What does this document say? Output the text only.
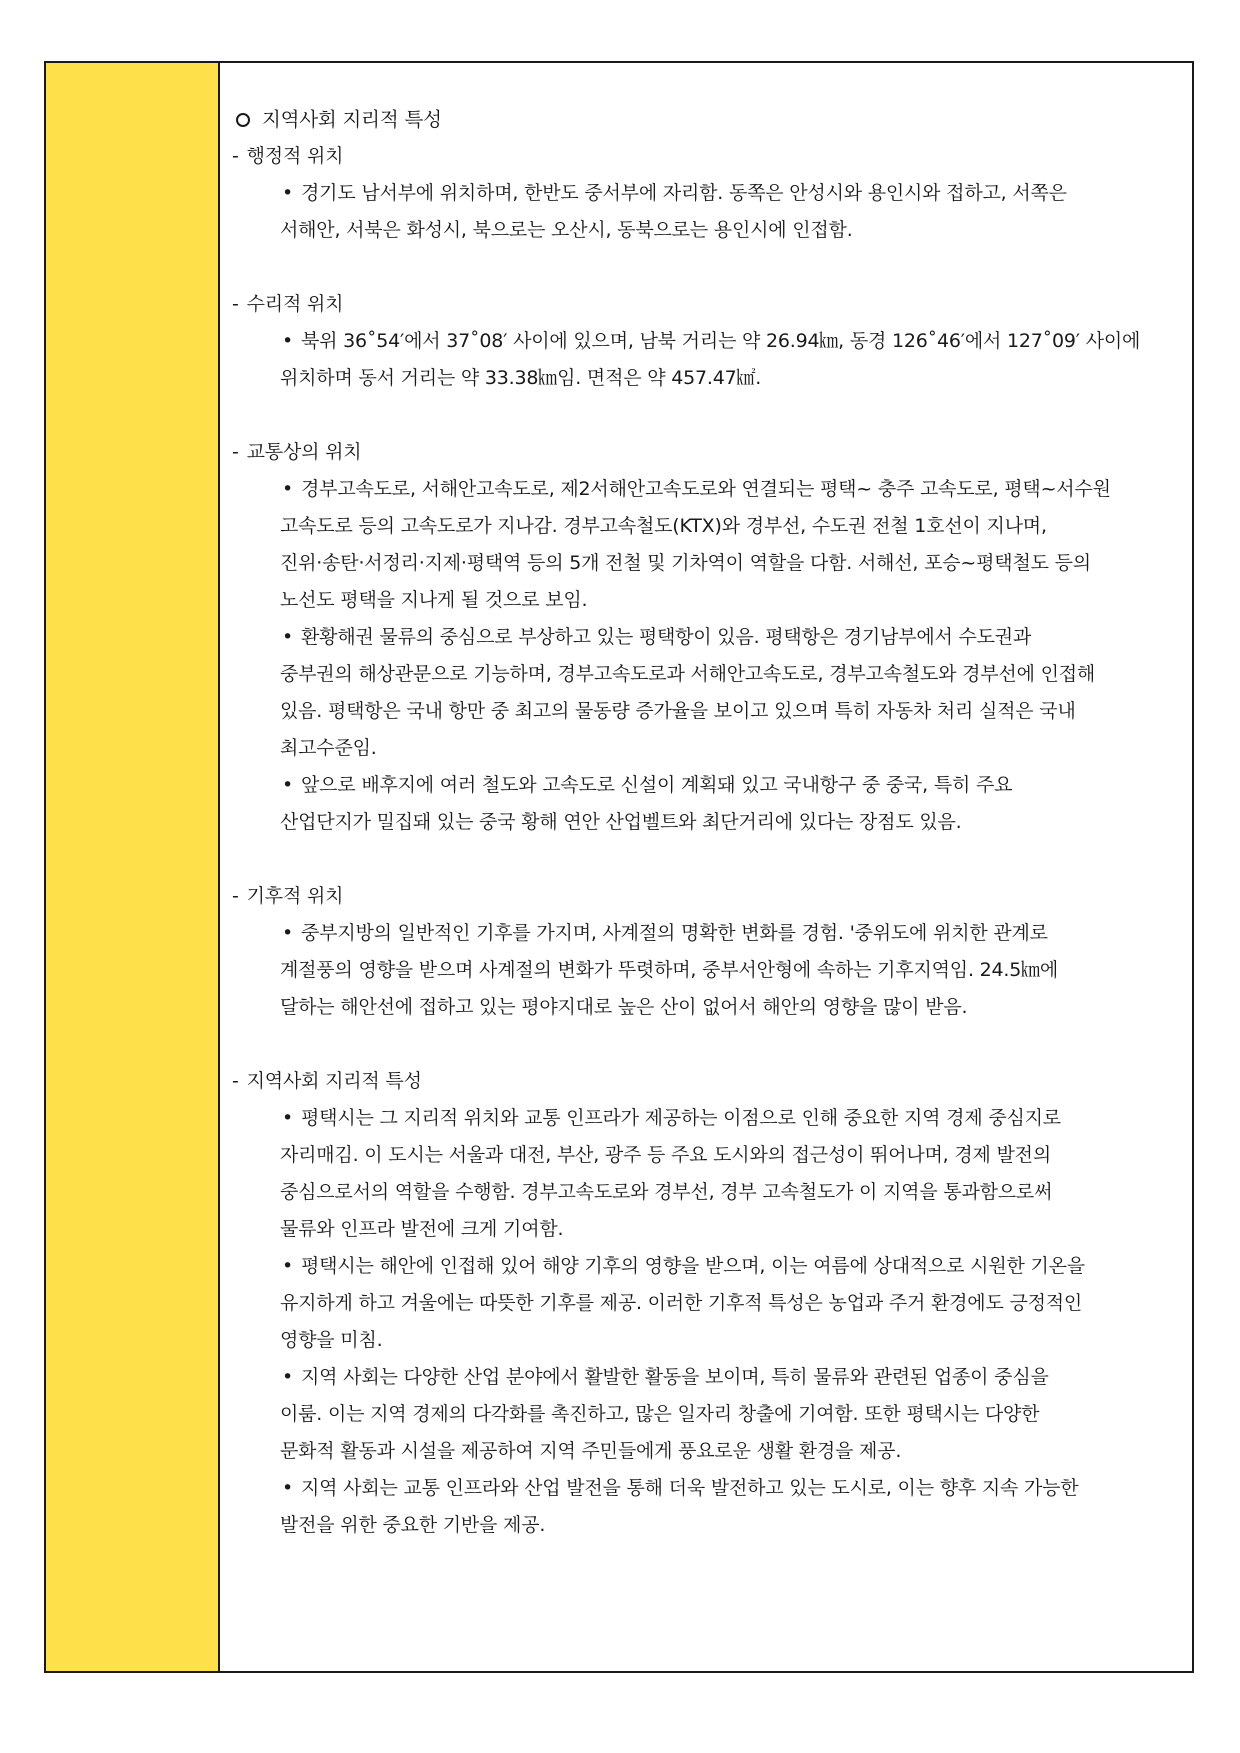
지역사회 지리적 특성

- 행정적 위치

• 경기도 남서부에 위치하며, 한반도 중서부에 자리함. 동쪽은 안성시와 용인시와 접하고, 서쪽은

서해안, 서북은 화성시, 북으로는 오산시, 동북으로는 용인시에 인접함.

- 수리적 위치

• 북위 36˚54′에서 37˚08′ 사이에 있으며, 남북 거리는 약 26.94㎞, 동경 126˚46′에서 127˚09′ 사이에

위치하며 동서 거리는 약 33.38㎞임. 면적은 약 457.47㎢.

- 교통상의 위치

• 경부고속도로, 서해안고속도로, 제2서해안고속도로와 연결되는 평택~ 충주 고속도로, 평택~서수원

고속도로 등의 고속도로가 지나감. 경부고속철도(KTX)와 경부선, 수도권 전철 1호선이 지나며,

진위·송탄·서정리·지제·평택역 등의 5개 전철 및 기차역이 역할을 다함. 서해선, 포승~평택철도 등의

노선도 평택을 지나게 될 것으로 보임.

• 환황해권 물류의 중심으로 부상하고 있는 평택항이 있음. 평택항은 경기남부에서 수도권과

중부권의 해상관문으로 기능하며, 경부고속도로과 서해안고속도로, 경부고속철도와 경부선에 인접해

있음. 평택항은 국내 항만 중 최고의 물동량 증가율을 보이고 있으며 특히 자동차 처리 실적은 국내

최고수준임.

• 앞으로 배후지에 여러 철도와 고속도로 신설이 계획돼 있고 국내항구 중 중국, 특히 주요

산업단지가 밀집돼 있는 중국 황해 연안 산업벨트와 최단거리에 있다는 장점도 있음.

- 기후적 위치

• 중부지방의 일반적인 기후를 가지며, 사계절의 명확한 변화를 경험. '중위도에 위치한 관계로

계절풍의 영향을 받으며 사계절의 변화가 뚜렷하며, 중부서안형에 속하는 기후지역임. 24.5㎞에

달하는 해안선에 접하고 있는 평야지대로 높은 산이 없어서 해안의 영향을 많이 받음.

- 지역사회 지리적 특성

• 평택시는 그 지리적 위치와 교통 인프라가 제공하는 이점으로 인해 중요한 지역 경제 중심지로

자리매김. 이 도시는 서울과 대전, 부산, 광주 등 주요 도시와의 접근성이 뛰어나며, 경제 발전의

중심으로서의 역할을 수행함. 경부고속도로와 경부선, 경부 고속철도가 이 지역을 통과함으로써

물류와 인프라 발전에 크게 기여함.

• 평택시는 해안에 인접해 있어 해양 기후의 영향을 받으며, 이는 여름에 상대적으로 시원한 기온을

유지하게 하고 겨울에는 따뜻한 기후를 제공. 이러한 기후적 특성은 농업과 주거 환경에도 긍정적인

영향을 미침.

• 지역 사회는 다양한 산업 분야에서 활발한 활동을 보이며, 특히 물류와 관련된 업종이 중심을

이룸. 이는 지역 경제의 다각화를 촉진하고, 많은 일자리 창출에 기여함. 또한 평택시는 다양한

문화적 활동과 시설을 제공하여 지역 주민들에게 풍요로운 생활 환경을 제공.

• 지역 사회는 교통 인프라와 산업 발전을 통해 더욱 발전하고 있는 도시로, 이는 향후 지속 가능한

발전을 위한 중요한 기반을 제공.
